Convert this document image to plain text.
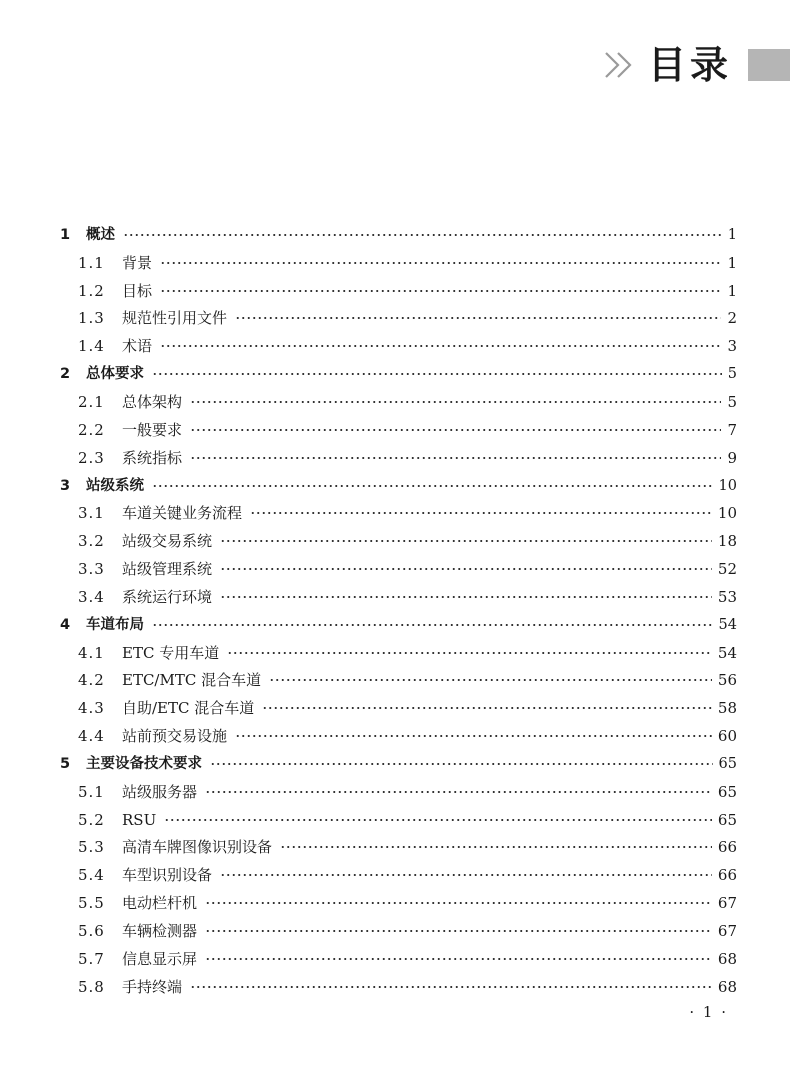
目录
1	概述	1
1.1	背景	1
1.2	目标	1
1.3	规范性引用文件	2
1.4	术语	3
2	总体要求	5
2.1	总体架构	5
2.2	一般要求	7
2.3	系统指标	9
3	站级系统	10
3.1	车道关键业务流程	10
3.2	站级交易系统	18
3.3	站级管理系统	52
3.4	系统运行环境	53
4	车道布局	54
4.1	ETC 专用车道	54
4.2	ETC/MTC 混合车道	56
4.3	自助/ETC 混合车道	58
4.4	站前预交易设施	60
5	主要设备技术要求	65
5.1	站级服务器	65
5.2	RSU	65
5.3	高清车牌图像识别设备	66
5.4	车型识别设备	66
5.5	电动栏杆机	67
5.6	车辆检测器	67
5.7	信息显示屏	68
5.8	手持终端	68
· 1 ·
